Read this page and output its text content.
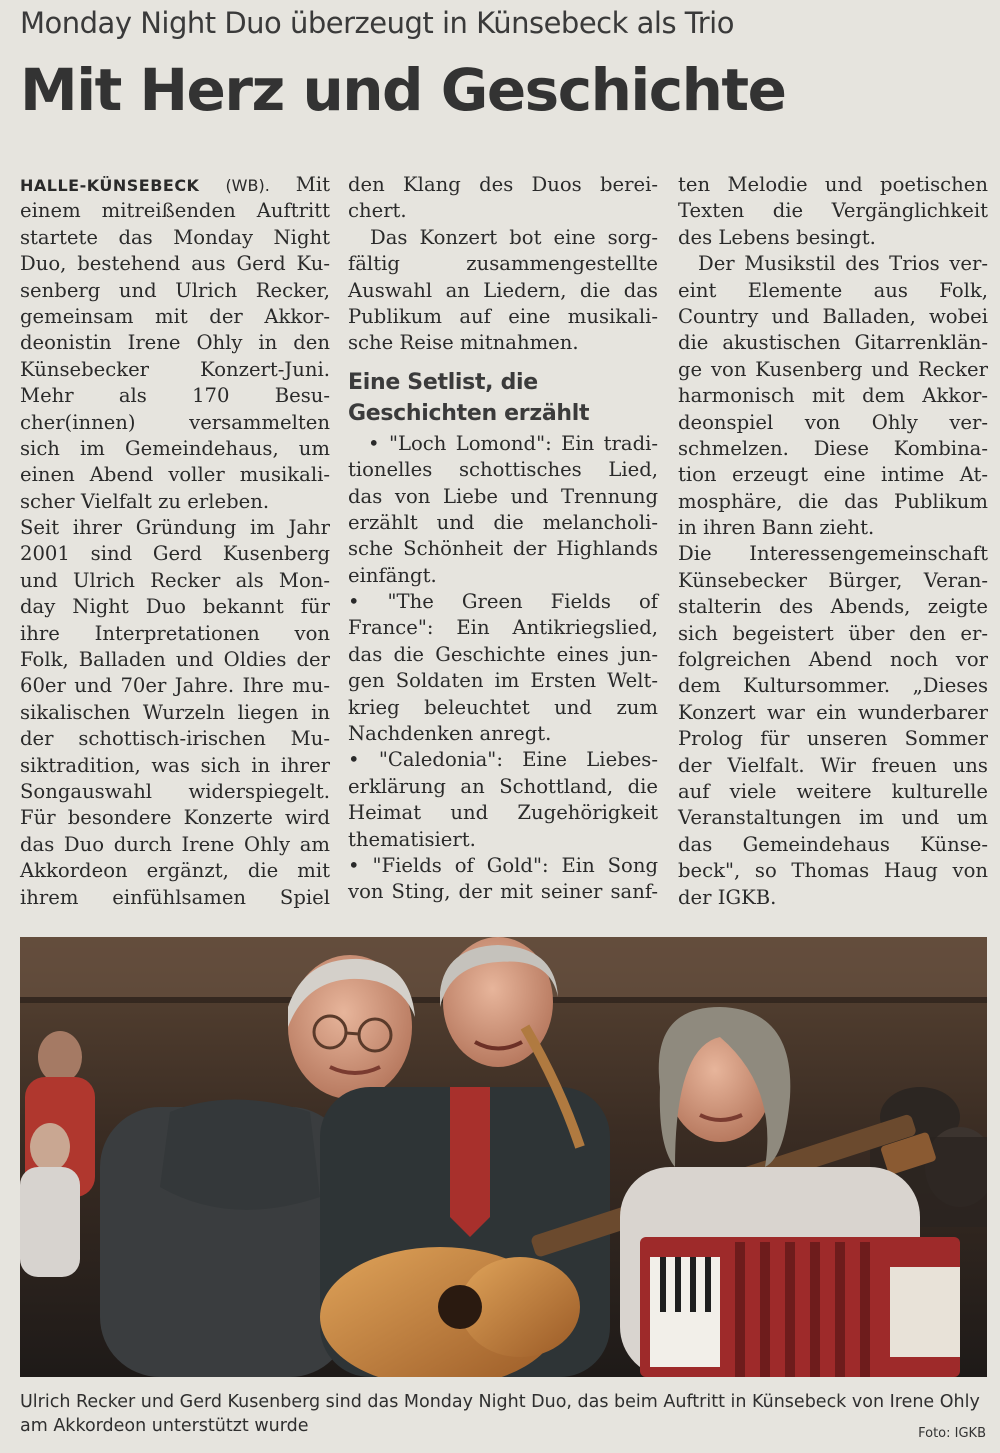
Monday Night Duo überzeugt in Künsebeck als Trio
Mit Herz und Geschichte
HALLE-KÜNSEBECK (WB). Mit
einem mitreißenden Auftritt
startete das Monday Night
Duo, bestehend aus Gerd Ku-
senberg und Ulrich Recker,
gemeinsam mit der Akkor-
deonistin Irene Ohly in den
Künsebecker Konzert-Juni.
Mehr als 170 Besu-
cher(innen) versammelten
sich im Gemeindehaus, um
einen Abend voller musikali-
scher Vielfalt zu erleben.
Seit ihrer Gründung im Jahr
2001 sind Gerd Kusenberg
und Ulrich Recker als Mon-
day Night Duo bekannt für
ihre Interpretationen von
Folk, Balladen und Oldies der
60er und 70er Jahre. Ihre mu-
sikalischen Wurzeln liegen in
der schottisch-irischen Mu-
siktradition, was sich in ihrer
Songauswahl widerspiegelt.
Für besondere Konzerte wird
das Duo durch Irene Ohly am
Akkordeon ergänzt, die mit
ihrem einfühlsamen Spiel
den Klang des Duos berei-
chert.
Das Konzert bot eine sorg-
fältig zusammengestellte
Auswahl an Liedern, die das
Publikum auf eine musikali-
sche Reise mitnahmen.
Eine Setlist, die
Geschichten erzählt
• "Loch Lomond": Ein tradi-
tionelles schottisches Lied,
das von Liebe und Trennung
erzählt und die melancholi-
sche Schönheit der Highlands
einfängt.
• "The Green Fields of
France": Ein Antikriegslied,
das die Geschichte eines jun-
gen Soldaten im Ersten Welt-
krieg beleuchtet und zum
Nachdenken anregt.
• "Caledonia": Eine Liebes-
erklärung an Schottland, die
Heimat und Zugehörigkeit
thematisiert.
• "Fields of Gold": Ein Song
von Sting, der mit seiner sanf-
ten Melodie und poetischen
Texten die Vergänglichkeit
des Lebens besingt.
Der Musikstil des Trios ver-
eint Elemente aus Folk,
Country und Balladen, wobei
die akustischen Gitarrenklän-
ge von Kusenberg und Recker
harmonisch mit dem Akkor-
deonspiel von Ohly ver-
schmelzen. Diese Kombina-
tion erzeugt eine intime At-
mosphäre, die das Publikum
in ihren Bann zieht.
Die Interessengemeinschaft
Künsebecker Bürger, Veran-
stalterin des Abends, zeigte
sich begeistert über den er-
folgreichen Abend noch vor
dem Kultursommer. „Dieses
Konzert war ein wunderbarer
Prolog für unseren Sommer
der Vielfalt. Wir freuen uns
auf viele weitere kulturelle
Veranstaltungen im und um
das Gemeindehaus Künse-
beck", so Thomas Haug von
der IGKB.
Ulrich Recker und Gerd Kusenberg sind das Monday Night Duo, das beim Auftritt in Künsebeck von Irene Ohly
am Akkordeon unterstützt wurde	Foto: IGKB
